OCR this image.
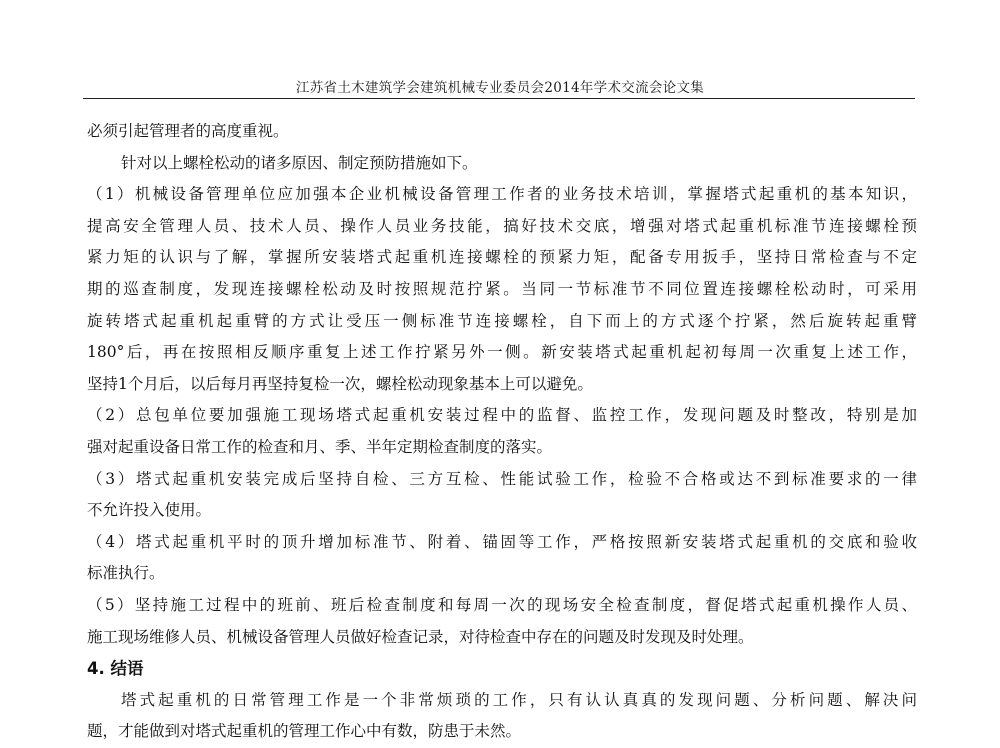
江苏省土木建筑学会建筑机械专业委员会2014年学术交流会论文集
必须引起管理者的高度重视。
针对以上螺栓松动的诸多原因、制定预防措施如下。
（1）机械设备管理单位应加强本企业机械设备管理工作者的业务技术培训，掌握塔式起重机的基本知识，
提高安全管理人员、技术人员、操作人员业务技能，搞好技术交底，增强对塔式起重机标准节连接螺栓预
紧力矩的认识与了解，掌握所安装塔式起重机连接螺栓的预紧力矩，配备专用扳手，坚持日常检查与不定
期的巡查制度，发现连接螺栓松动及时按照规范拧紧。当同一节标准节不同位置连接螺栓松动时，可采用
旋转塔式起重机起重臂的方式让受压一侧标准节连接螺栓，自下而上的方式逐个拧紧，然后旋转起重臂
180°后，再在按照相反顺序重复上述工作拧紧另外一侧。新安装塔式起重机起初每周一次重复上述工作，
坚持1个月后，以后每月再坚持复检一次，螺栓松动现象基本上可以避免。
（2）总包单位要加强施工现场塔式起重机安装过程中的监督、监控工作，发现问题及时整改，特别是加
强对起重设备日常工作的检查和月、季、半年定期检查制度的落实。
（3）塔式起重机安装完成后坚持自检、三方互检、性能试验工作，检验不合格或达不到标准要求的一律
不允许投入使用。
（4）塔式起重机平时的顶升增加标准节、附着、锚固等工作，严格按照新安装塔式起重机的交底和验收
标准执行。
（5）坚持施工过程中的班前、班后检查制度和每周一次的现场安全检查制度，督促塔式起重机操作人员、
施工现场维修人员、机械设备管理人员做好检查记录，对待检查中存在的问题及时发现及时处理。
4. 结语
塔式起重机的日常管理工作是一个非常烦琐的工作，只有认认真真的发现问题、分析问题、解决问
题，才能做到对塔式起重机的管理工作心中有数，防患于未然。
